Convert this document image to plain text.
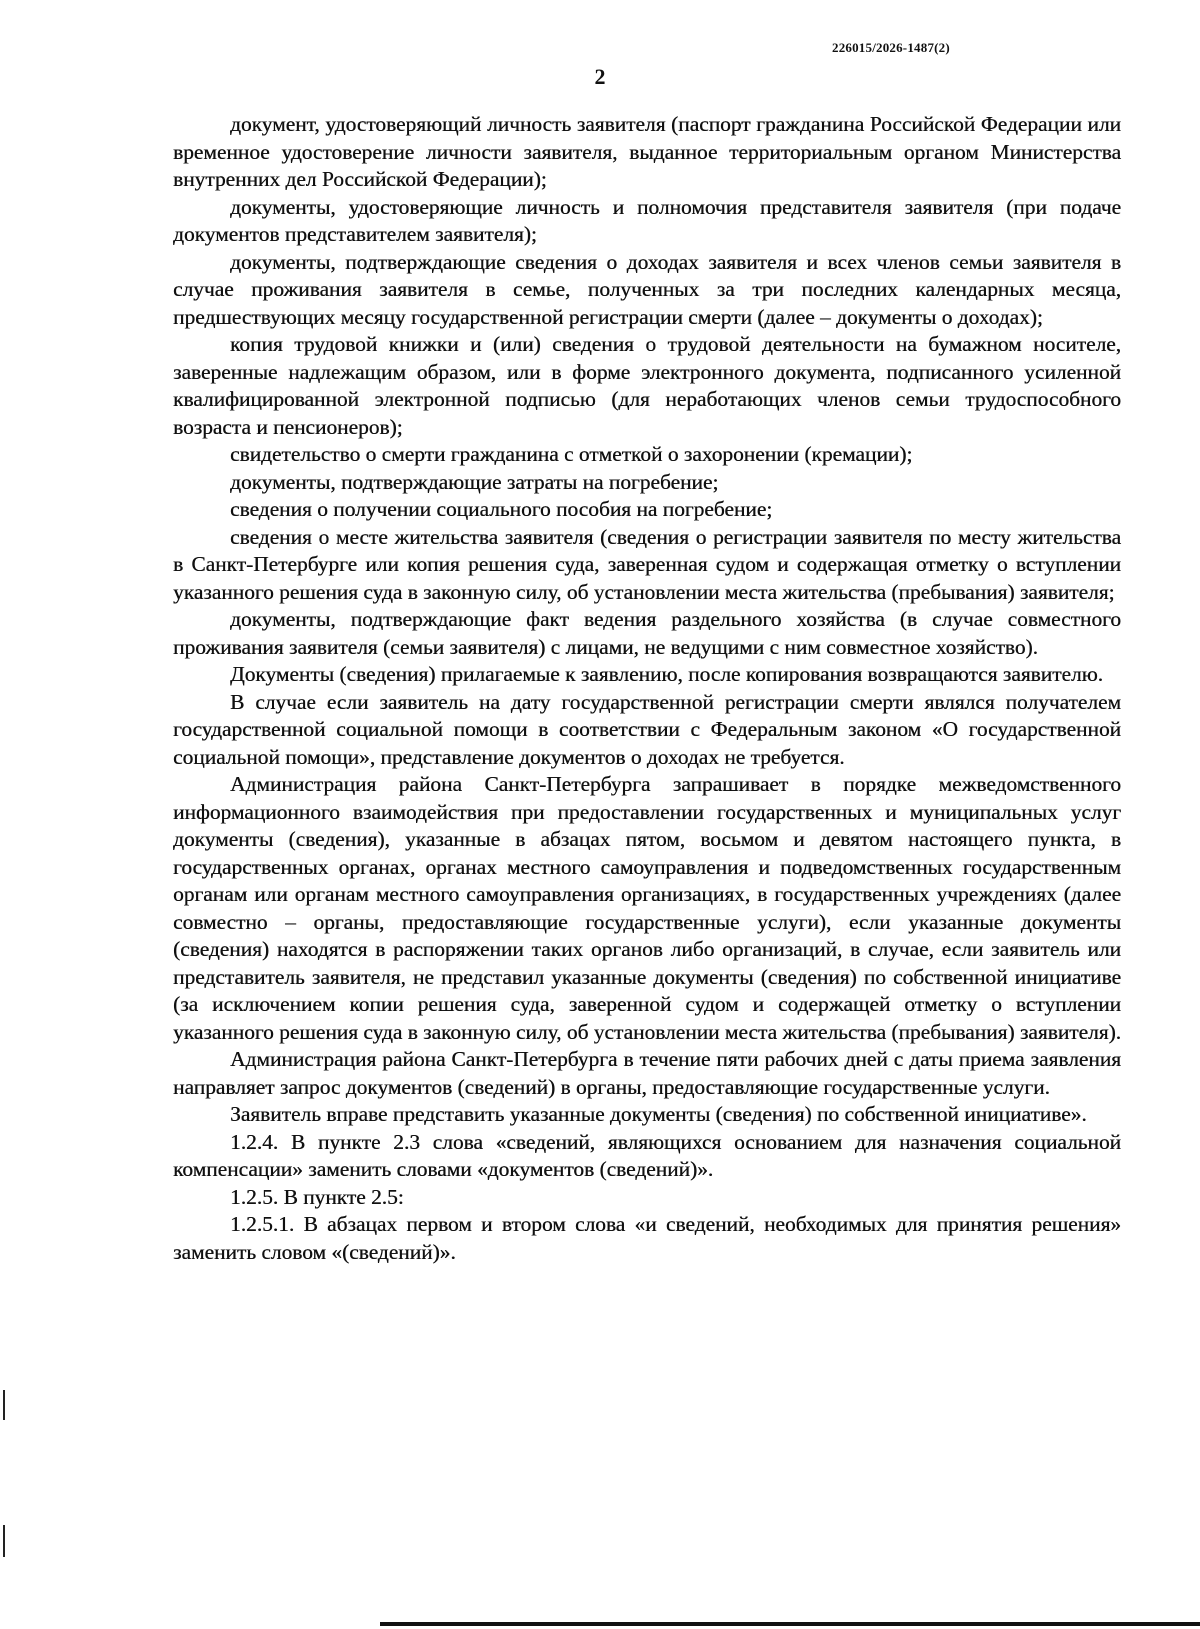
226015/2026-1487(2)
2

документ, удостоверяющий личность заявителя (паспорт гражданина Российской Федерации или временное удостоверение личности заявителя, выданное территориальным органом Министерства внутренних дел Российской Федерации);

документы, удостоверяющие личность и полномочия представителя заявителя (при подаче документов представителем заявителя);

документы, подтверждающие сведения о доходах заявителя и всех членов семьи заявителя в случае проживания заявителя в семье, полученных за три последних календарных месяца, предшествующих месяцу государственной регистрации смерти (далее – документы о доходах);

копия трудовой книжки и (или) сведения о трудовой деятельности на бумажном носителе, заверенные надлежащим образом, или в форме электронного документа, подписанного усиленной квалифицированной электронной подписью (для неработающих членов семьи трудоспособного возраста и пенсионеров);

свидетельство о смерти гражданина с отметкой о захоронении (кремации);

документы, подтверждающие затраты на погребение;

сведения о получении социального пособия на погребение;

сведения о месте жительства заявителя (сведения о регистрации заявителя по месту жительства в Санкт-Петербурге или копия решения суда, заверенная судом и содержащая отметку о вступлении указанного решения суда в законную силу, об установлении места жительства (пребывания) заявителя;

документы, подтверждающие факт ведения раздельного хозяйства (в случае совместного проживания заявителя (семьи заявителя) с лицами, не ведущими с ним совместное хозяйство).

Документы (сведения) прилагаемые к заявлению, после копирования возвращаются заявителю.

В случае если заявитель на дату государственной регистрации смерти являлся получателем государственной социальной помощи в соответствии с Федеральным законом «О государственной социальной помощи», представление документов о доходах не требуется.

Администрация района Санкт-Петербурга запрашивает в порядке межведомственного информационного взаимодействия при предоставлении государственных и муниципальных услуг документы (сведения), указанные в абзацах пятом, восьмом и девятом настоящего пункта, в государственных органах, органах местного самоуправления и подведомственных государственным органам или органам местного самоуправления организациях, в государственных учреждениях (далее совместно – органы, предоставляющие государственные услуги), если указанные документы (сведения) находятся в распоряжении таких органов либо организаций, в случае, если заявитель или представитель заявителя, не представил указанные документы (сведения) по собственной инициативе (за исключением копии решения суда, заверенной судом и содержащей отметку о вступлении указанного решения суда в законную силу, об установлении места жительства (пребывания) заявителя).

Администрация района Санкт-Петербурга в течение пяти рабочих дней с даты приема заявления направляет запрос документов (сведений) в органы, предоставляющие государственные услуги.

Заявитель вправе представить указанные документы (сведения) по собственной инициативе».

1.2.4. В пункте 2.3 слова «сведений, являющихся основанием для назначения социальной компенсации» заменить словами «документов (сведений)».

1.2.5. В пункте 2.5:

1.2.5.1. В абзацах первом и втором слова «и сведений, необходимых для принятия решения» заменить словом «(сведений)».
